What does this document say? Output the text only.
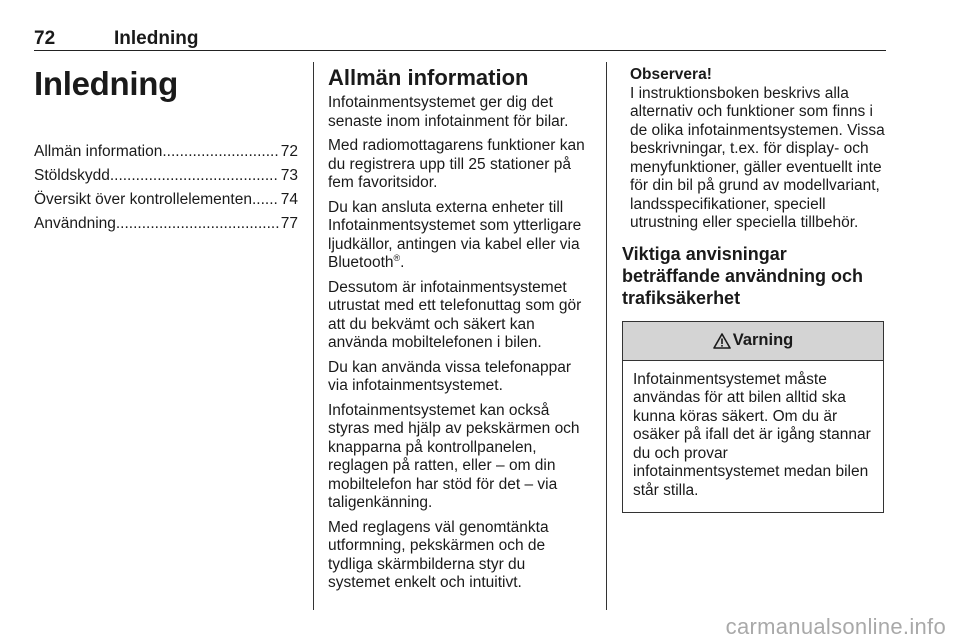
72	Inledning
Inledning
Allmän information .....	72
Stöldskydd .....	73
Översikt över kontrollelementen ..... 74
Användning .....	77
Allmän information

Infotainmentsystemet ger dig det senaste inom infotainment för bilar.

Med radiomottagarens funktioner kan du registrera upp till 25 stationer på fem favoritsidor.

Du kan ansluta externa enheter till Infotainmentsystemet som ytterligare ljudkällor, antingen via kabel eller via Bluetooth®.

Dessutom är infotainmentsystemet utrustat med ett telefonuttag som gör att du bekvämt och säkert kan använda mobiltelefonen i bilen.

Du kan använda vissa telefonappar via infotainmentsystemet.

Infotainmentsystemet kan också styras med hjälp av pekskärmen och knapparna på kontrollpanelen, reglagen på ratten, eller – om din mobiltelefon har stöd för det – via taligenkänning.

Med reglagens väl genomtänkta utformning, pekskärmen och de tydliga skärmbilderna styr du systemet enkelt och intuitivt.

Observera!
I instruktionsboken beskrivs alla alternativ och funktioner som finns i de olika infotainmentsystemen. Vissa beskrivningar, t.ex. för display- och menyfunktioner, gäller eventuellt inte för din bil på grund av modellvariant, landsspecifikationer, speciell utrustning eller speciella tillbehör.
Viktiga anvisningar beträffande användning och trafiksäkerhet
Varning
Infotainmentsystemet måste användas för att bilen alltid ska kunna köras säkert. Om du är osäker på ifall det är igång stannar du och provar infotainmentsystemet medan bilen står stilla.
carmanualsonline.info
